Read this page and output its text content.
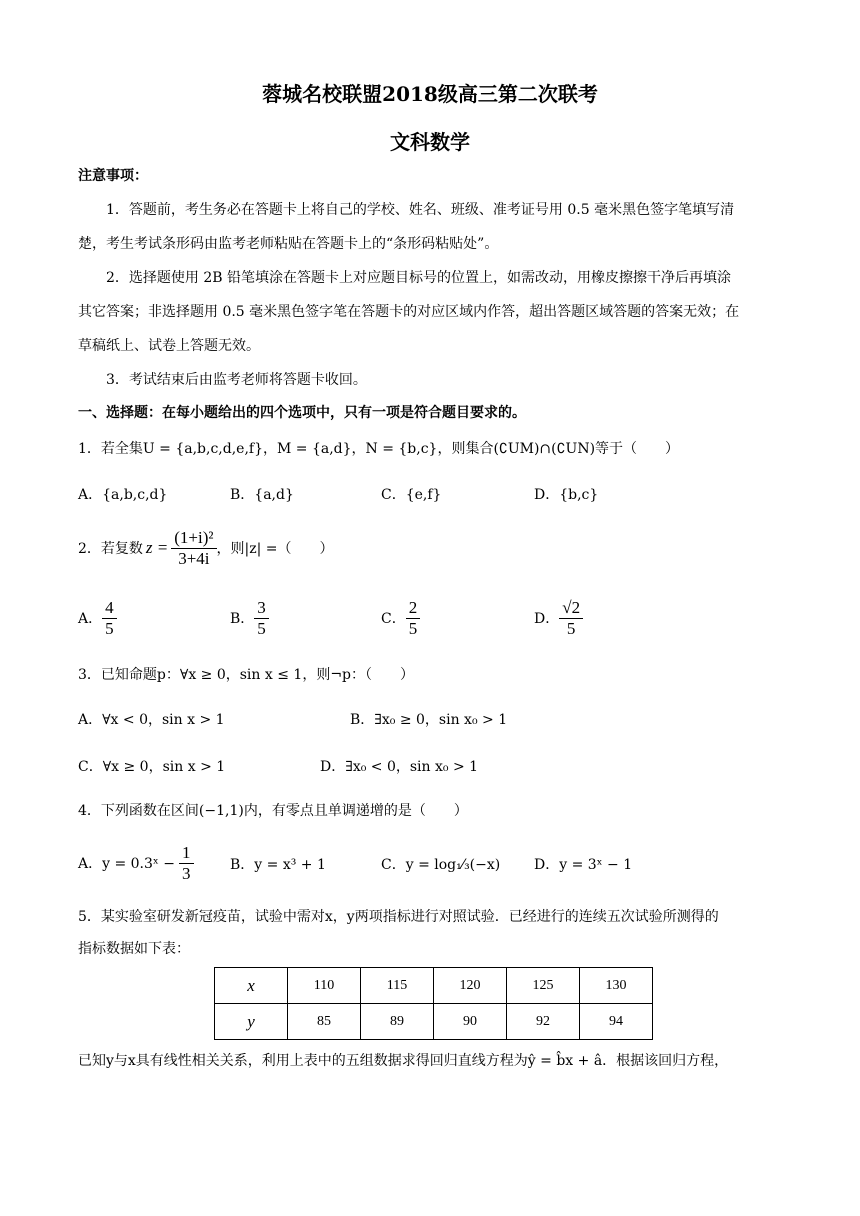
蓉城名校联盟2018级高三第二次联考
文科数学
注意事项：
1．答题前，考生务必在答题卡上将自己的学校、姓名、班级、准考证号用 0.5 毫米黑色签字笔填写清
楚，考生考试条形码由监考老师粘贴在答题卡上的“条形码粘贴处”。
2．选择题使用 2B 铅笔填涂在答题卡上对应题目标号的位置上，如需改动，用橡皮擦擦干净后再填涂
其它答案；非选择题用 0.5 毫米黑色签字笔在答题卡的对应区域内作答，超出答题区域答题的答案无效；在
草稿纸上、试卷上答题无效。
3．考试结束后由监考老师将答题卡收回。
一、选择题：在每小题给出的四个选项中，只有一项是符合题目要求的。
1．若全集U = {a,b,c,d,e,f}，M = {a,d}，N = {b,c}，则集合(∁UM)∩(∁UN)等于（　　）
A．{a,b,c,d}	B．{a,d}	C．{e,f}	D．{b,c}
2．若复数 $z = \frac{\text{(1+i)²}}{3+4i}$ ，则|z| =（　　）
A． $\frac{4}{5}$	B． $\frac{3}{5}$	C． $\frac{2}{5}$	D． $\frac{√2}{5}$
3．已知命题p：∀x ≥ 0，sin x ≤ 1，则¬p：（　　）
A．∀x < 0，sin x > 1	B．∃x₀ ≥ 0，sin x₀ > 1
C．∀x ≥ 0，sin x > 1	D．∃x₀ < 0，sin x₀ > 1
4．下列函数在区间(−1,1)内，有零点且单调递增的是（　　）
A．y = 0.3ˣ − $\frac{1}{3}$	B．y = x³ + 1	C．y = log₁⁄₃(−x) D．y = 3ˣ − 1
5．某实验室研发新冠疫苗，试验中需对x，y两项指标进行对照试验．已经进行的连续五次试验所测得的
指标数据如下表：
x	110	115	120	125	130
y	85	89	90	92	94
已知y与x具有线性相关关系，利用上表中的五组数据求得回归直线方程为ŷ = b̂x + â．根据该回归方程，
